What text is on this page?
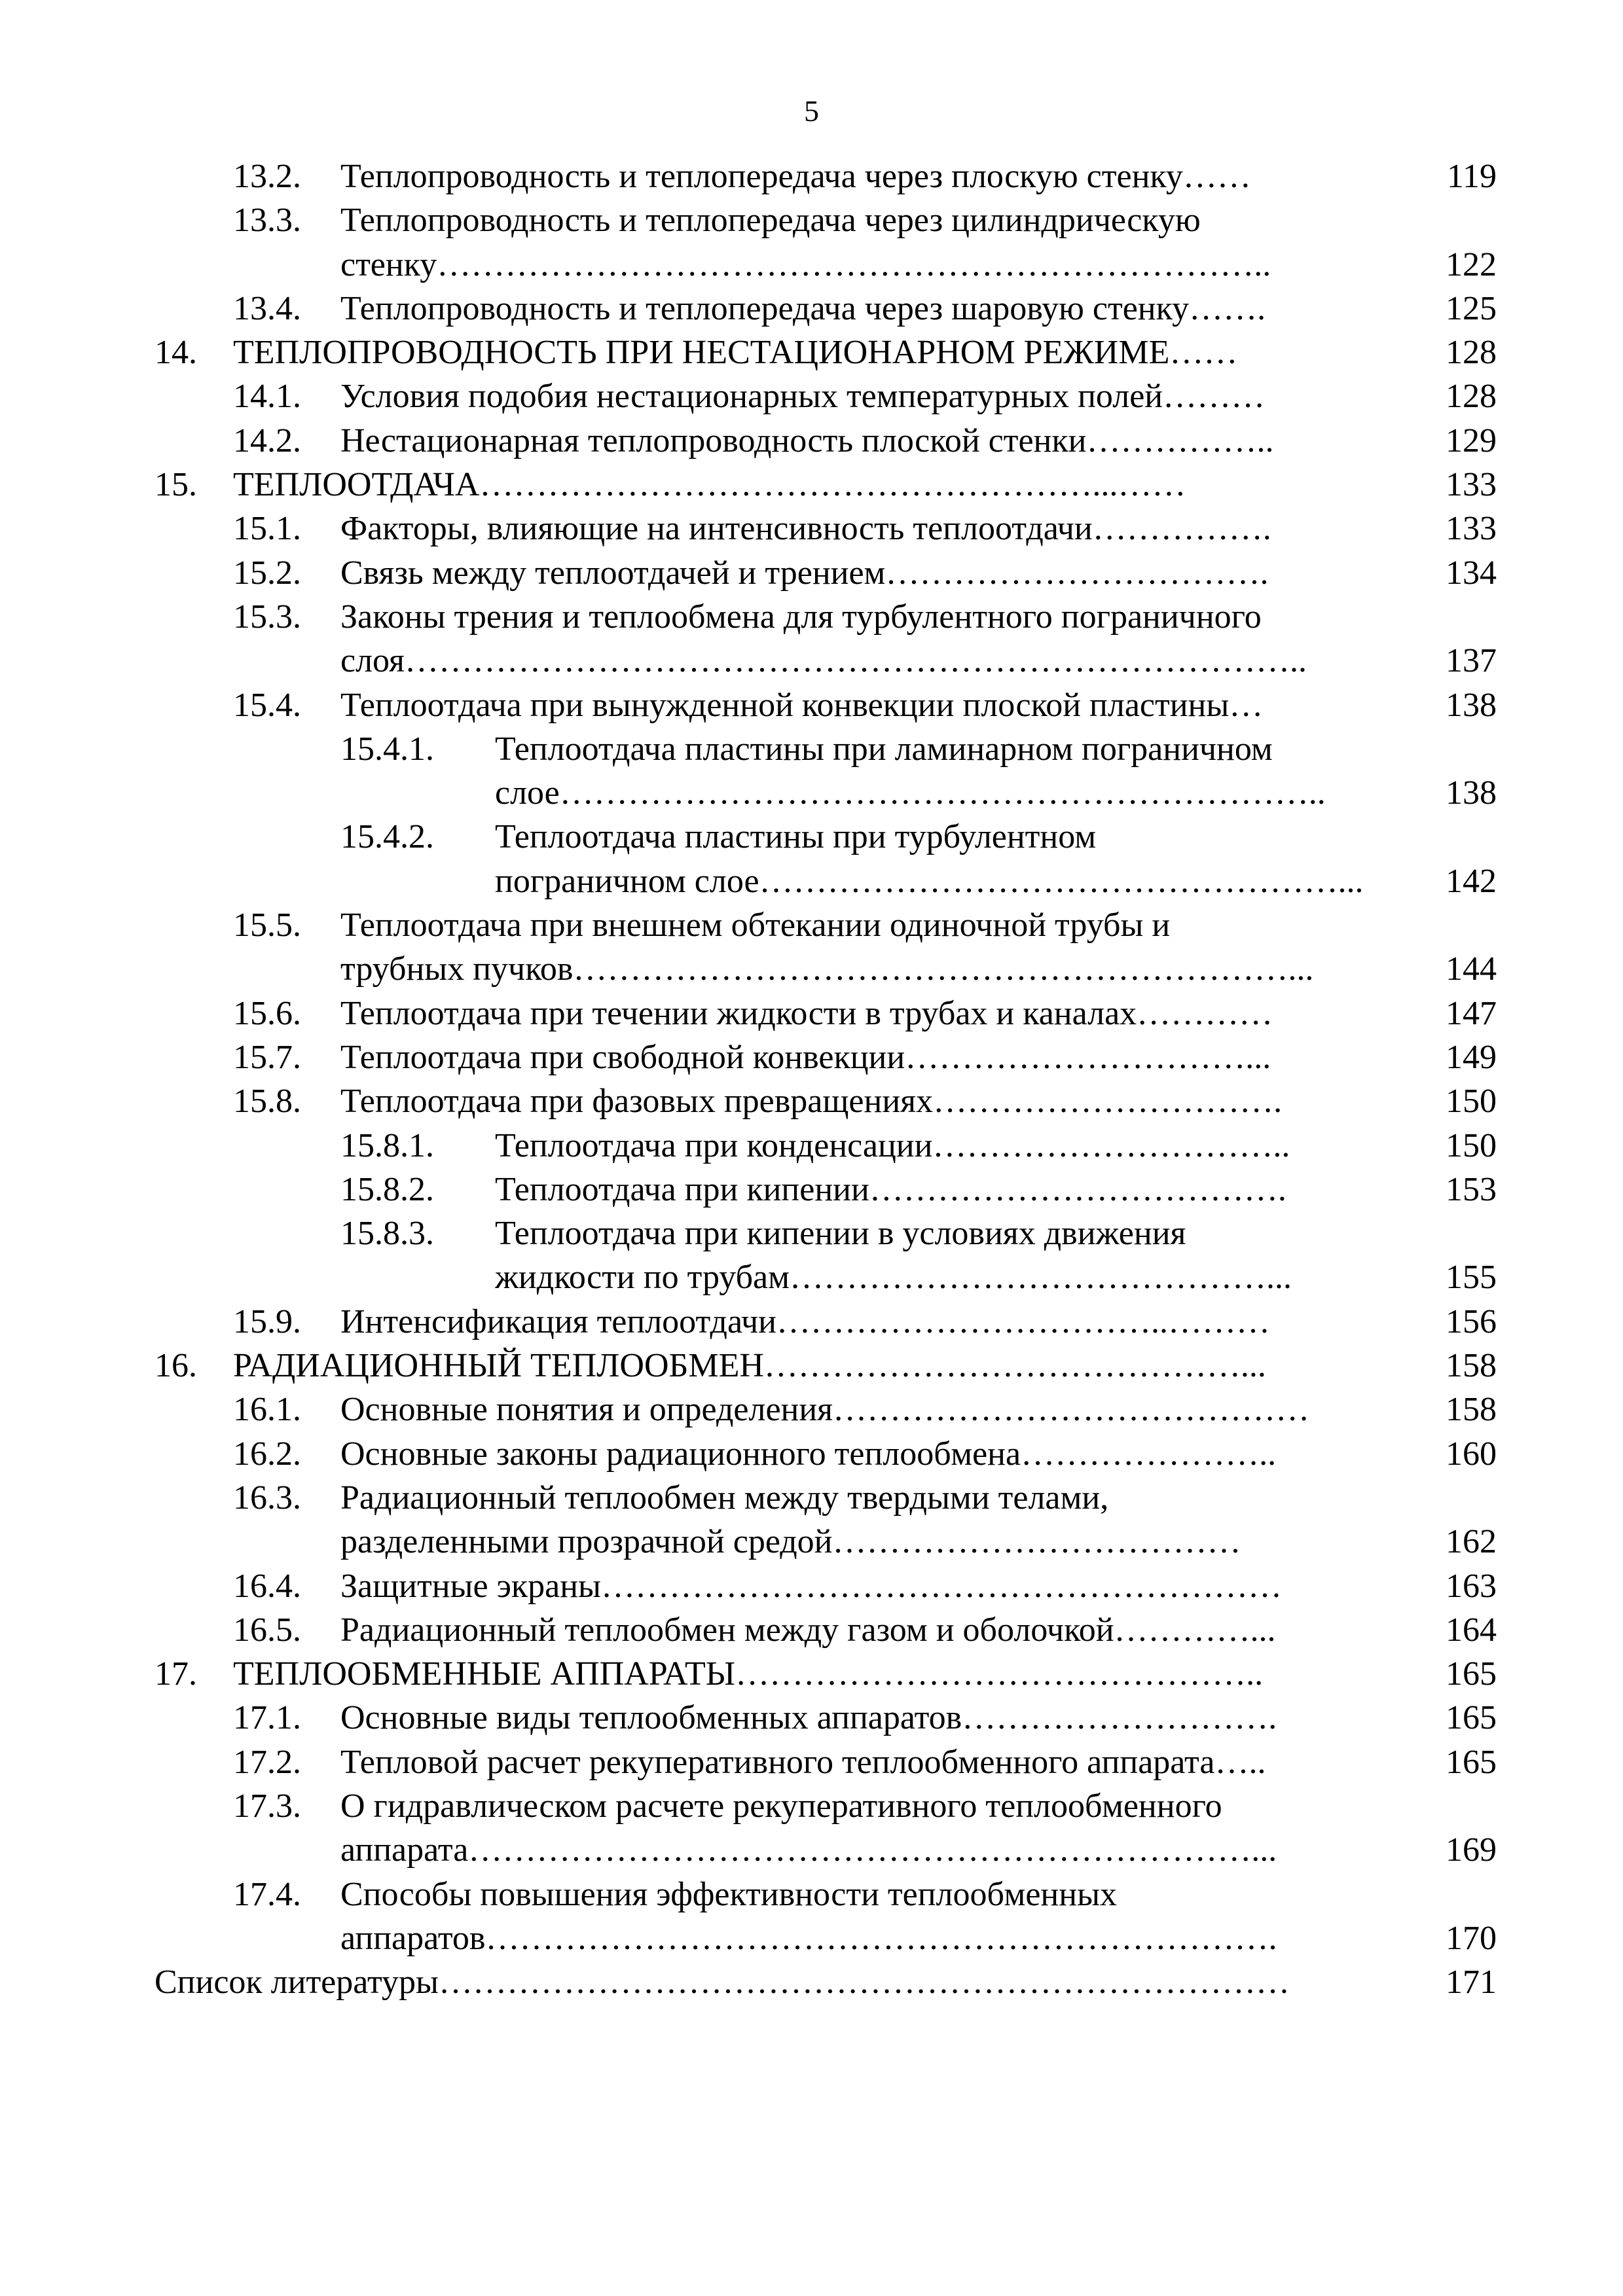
5
13.2. Теплопроводность и теплопередача через плоскую стенку……	119
13.3. Теплопроводность и теплопередача через цилиндрическую
стенку………………………………………………………………..	122
13.4. Теплопроводность и теплопередача через шаровую стенку…….	125
14. ТЕПЛОПРОВОДНОСТЬ ПРИ НЕСТАЦИОНАРНОМ РЕЖИМЕ……	128
14.1. Условия подобия нестационарных температурных полей………	128
14.2. Нестационарная теплопроводность плоской стенки……………..	129
15. ТЕПЛООТДАЧА………………………………………………...……	133
15.1. Факторы, влияющие на интенсивность теплоотдачи…………….	133
15.2. Связь между теплоотдачей и трением…………………………….	134
15.3. Законы трения и теплообмена для турбулентного пограничного
слоя……………………………………………………………………..	137
15.4. Теплоотдача при вынужденной конвекции плоской пластины…	138
15.4.1. Теплоотдача пластины при ламинарном пограничном
слое…………………………………………………………..	138
15.4.2. Теплоотдача пластины при турбулентном
пограничном слое……………………………………………...	142
15.5. Теплоотдача при внешнем обтекании одиночной трубы и
трубных пучков………………………………………………………...	144
15.6. Теплоотдача при течении жидкости в трубах и каналах…………	147
15.7. Теплоотдача при свободной конвекции…………………………...	149
15.8. Теплоотдача при фазовых превращениях………………………….	150
15.8.1. Теплоотдача при конденсации…………………………..	150
15.8.2. Теплоотдача при кипении……………………………….	153
15.8.3. Теплоотдача при кипении в условиях движения
жидкости по трубам……………………………………...	155
15.9. Интенсификация теплоотдачи……………………………..………	156
16. РАДИАЦИОННЫЙ ТЕПЛООБМЕН……………………………………...	158
16.1. Основные понятия и определения……………………………………	158
16.2. Основные законы радиационного теплообмена…………………..	160
16.3. Радиационный теплообмен между твердыми телами,
разделенными прозрачной средой………………………………	162
16.4. Защитные экраны……………………………………………………	163
16.5. Радиационный теплообмен между газом и оболочкой…………...	164
17. ТЕПЛООБМЕННЫЕ АППАРАТЫ………………………………………..	165
17.1. Основные виды теплообменных аппаратов……………………….	165
17.2. Тепловой расчет рекуперативного теплообменного аппарата…..	165
17.3. О гидравлическом расчете рекуперативного теплообменного
аппарата……………………………………………………………...	169
17.4. Способы повышения эффективности теплообменных
аппаратов…………………………………………………………….	170
Список литературы…………………………………………………………………	171
